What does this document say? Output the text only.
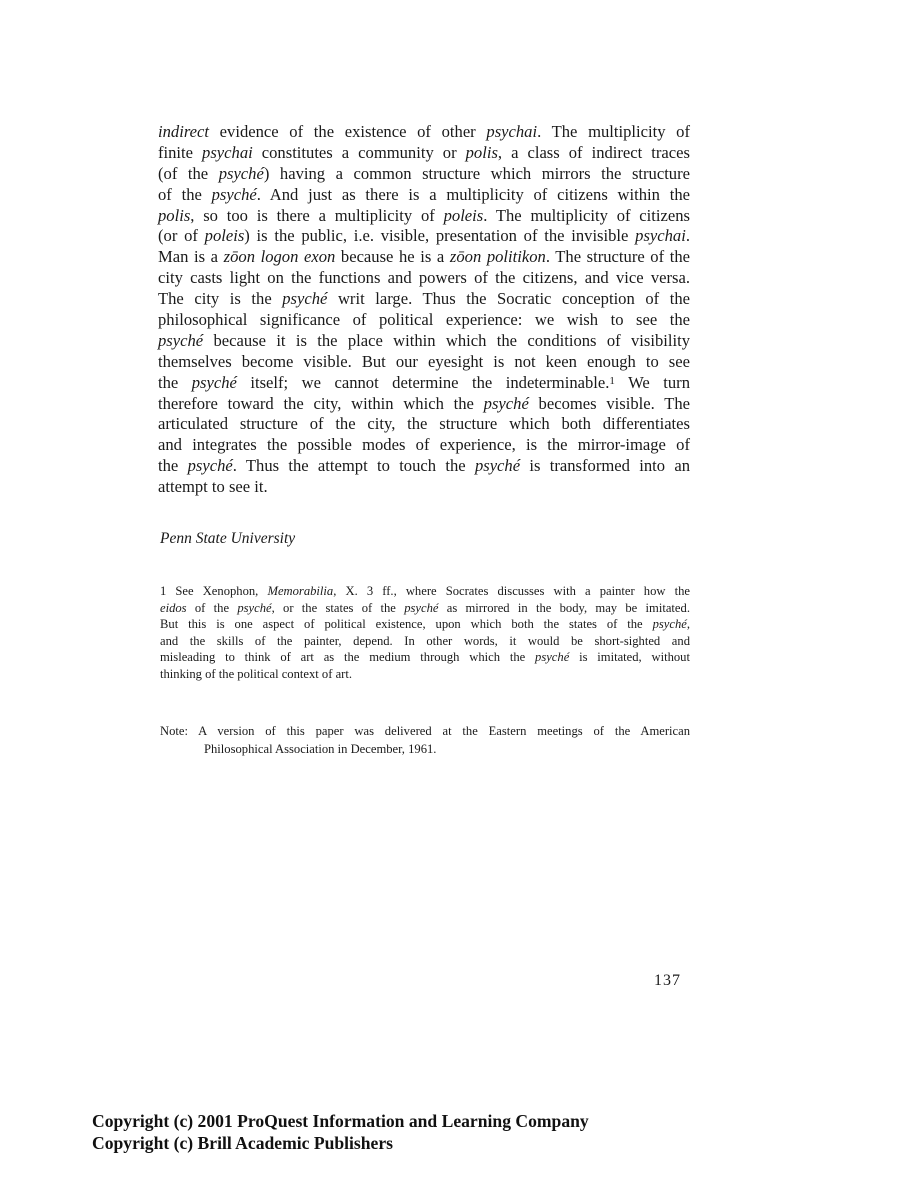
indirect evidence of the existence of other psychai. The multiplicity of
finite psychai constitutes a community or polis, a class of indirect traces
(of the psyché) having a common structure which mirrors the structure
of the psyché. And just as there is a multiplicity of citizens within the
polis, so too is there a multiplicity of poleis. The multiplicity of citizens
(or of poleis) is the public, i.e. visible, presentation of the invisible psychai.
Man is a zōon logon exon because he is a zōon politikon. The structure of the
city casts light on the functions and powers of the citizens, and vice versa.
The city is the psyché writ large. Thus the Socratic conception of the
philosophical significance of political experience: we wish to see the
psyché because it is the place within which the conditions of visibility
themselves become visible. But our eyesight is not keen enough to see
the psyché itself; we cannot determine the indeterminable.$^1$ We turn
therefore toward the city, within which the psyché becomes visible. The
articulated structure of the city, the structure which both differentiates
and integrates the possible modes of experience, is the mirror-image of
the psyché. Thus the attempt to touch the psyché is transformed into an
attempt to see it.

Penn State University

1 See Xenophon, Memorabilia, X. 3 ff., where Socrates discusses with a painter how the
eidos of the psyché, or the states of the psyché as mirrored in the body, may be imitated.
But this is one aspect of political existence, upon which both the states of the psyché,
and the skills of the painter, depend. In other words, it would be short-sighted and
misleading to think of art as the medium through which the psyché is imitated, without
thinking of the political context of art.

Note: A version of this paper was delivered at the Eastern meetings of the American
Philosophical Association in December, 1961.

137

Copyright (c) 2001 ProQuest Information and Learning Company
Copyright (c) Brill Academic Publishers
